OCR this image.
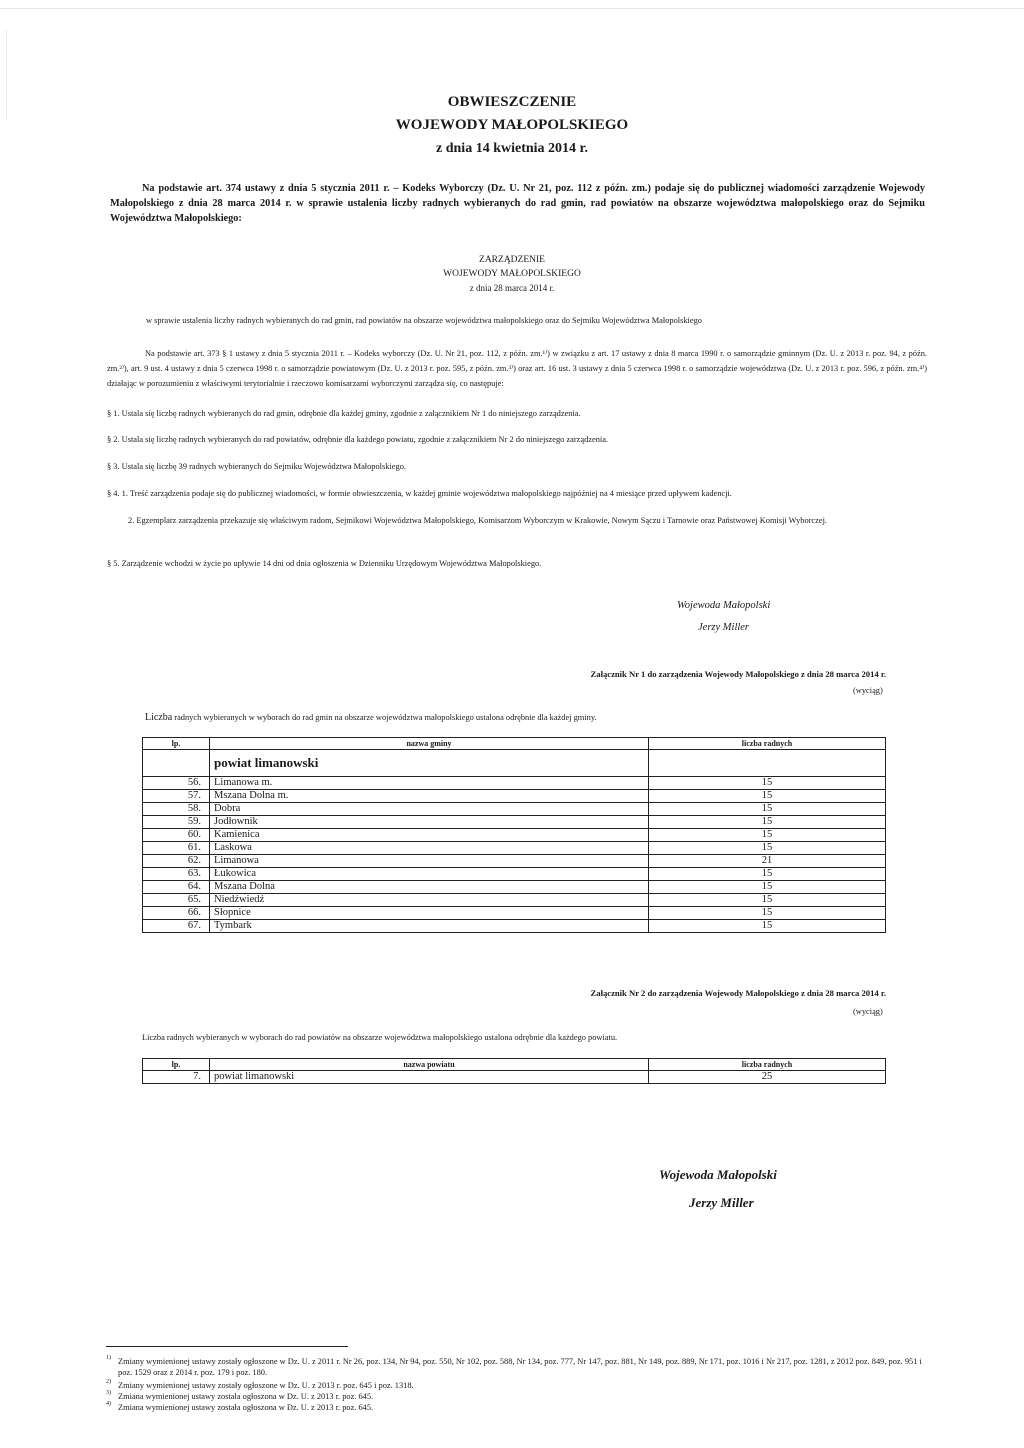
OBWIESZCZENIE
WOJEWODY MAŁOPOLSKIEGO
z dnia 14 kwietnia 2014 r.

Na podstawie art. 374 ustawy z dnia 5 stycznia 2011 r. – Kodeks Wyborczy (Dz. U. Nr 21, poz. 112 z późn. zm.) podaje się do publicznej wiadomości zarządzenie Wojewody Małopolskiego z dnia 28 marca 2014 r. w sprawie ustalenia liczby radnych wybieranych do rad gmin, rad powiatów na obszarze województwa małopolskiego oraz do Sejmiku Województwa Małopolskiego:

ZARZĄDZENIE
WOJEWODY MAŁOPOLSKIEGO
z dnia 28 marca 2014 r.
w sprawie ustalenia liczby radnych wybieranych do rad gmin, rad powiatów na obszarze województwa małopolskiego oraz do Sejmiku Województwa Małopolskiego
Na podstawie art. 373 § 1 ustawy z dnia 5 stycznia 2011 r. – Kodeks wyborczy (Dz. U. Nr 21, poz. 112, z późn. zm.¹⁾) w związku z art. 17 ustawy z dnia 8 marca 1990 r. o samorządzie gminnym (Dz. U. z 2013 r. poz. 94, z późn. zm.²⁾), art. 9 ust. 4 ustawy z dnia 5 czerwca 1998 r. o samorządzie powiatowym (Dz. U. z 2013 r. poz. 595, z późn. zm.³⁾) oraz art. 16 ust. 3 ustawy z dnia 5 czerwca 1998 r. o samorządzie województwa (Dz. U. z 2013 r. poz. 596, z późn. zm.⁴⁾) działając w porozumieniu z właściwymi terytorialnie i rzeczowo komisarzami wyborczymi zarządza się, co następuje:
§ 1. Ustala się liczbę radnych wybieranych do rad gmin, odrębnie dla każdej gminy, zgodnie z załącznikiem Nr 1 do niniejszego zarządzenia.
§ 2. Ustala się liczbę radnych wybieranych do rad powiatów, odrębnie dla każdego powiatu, zgodnie z załącznikiem Nr 2 do niniejszego zarządzenia.
§ 3. Ustala się liczbę 39 radnych wybieranych do Sejmiku Województwa Małopolskiego.
§ 4. 1. Treść zarządzenia podaje się do publicznej wiadomości, w formie obwieszczenia, w każdej gminie województwa małopolskiego najpóźniej na 4 miesiące przed upływem kadencji.
2. Egzemplarz zarządzenia przekazuje się właściwym radom, Sejmikowi Województwa Małopolskiego, Komisarzom Wyborczym w Krakowie, Nowym Sączu i Tarnowie oraz Państwowej Komisji Wyborczej.
§ 5. Zarządzenie wchodzi w życie po upływie 14 dni od dnia ogłoszenia w Dzienniku Urzędowym Województwa Małopolskiego.
Wojewoda Małopolski
Jerzy Miller
Załącznik Nr 1 do zarządzenia Wojewody Małopolskiego z dnia 28 marca 2014 r.
(wyciąg)
Liczba radnych wybieranych w wyborach do rad gmin na obszarze województwa małopolskiego ustalona odrębnie dla każdej gminy.
lp.	nazwa gminy	liczba radnych
	powiat limanowski	
56.	Limanowa m.	15
57.	Mszana Dolna m.	15
58.	Dobra	15
59.	Jodłownik	15
60.	Kamienica	15
61.	Laskowa	15
62.	Limanowa	21
63.	Łukowica	15
64.	Mszana Dolna	15
65.	Niedźwiedź	15
66.	Słopnice	15
67.	Tymbark	15
Załącznik Nr 2 do zarządzenia Wojewody Małopolskiego z dnia 28 marca 2014 r.
(wyciąg)
Liczba radnych wybieranych w wyborach do rad powiatów na obszarze województwa małopolskiego ustalona odrębnie dla każdego powiatu.
lp.	nazwa powiatu	liczba radnych
7.	powiat limanowski	25
Wojewoda Małopolski
Jerzy Miller
1) Zmiany wymienionej ustawy zostały ogłoszone w Dz. U. z 2011 r. Nr 26, poz. 134, Nr 94, poz. 550, Nr 102, poz. 588, Nr 134, poz. 777, Nr 147, poz. 881, Nr 149, poz. 889, Nr 171, poz. 1016 i Nr 217, poz. 1281, z 2012 poz. 849, poz. 951 i poz. 1529 oraz z 2014 r. poz. 179 i poz. 180.
2) Zmiany wymienionej ustawy zostały ogłoszone w Dz. U. z 2013 r. poz. 645 i poz. 1318.
3) Zmiana wymienionej ustawy została ogłoszona w Dz. U. z 2013 r. poz. 645.
4) Zmiana wymienionej ustawy została ogłoszona w Dz. U. z 2013 r. poz. 645.
